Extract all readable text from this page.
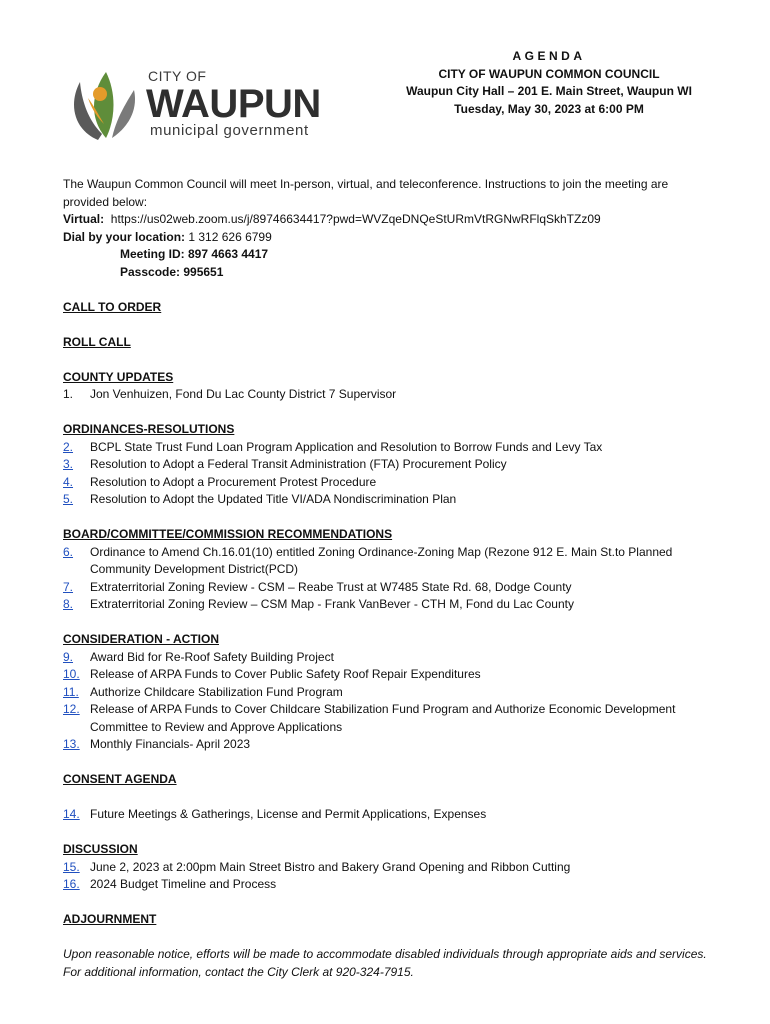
CITY OF
WAUPUN
municipal government
AGENDA
CITY OF WAUPUN COMMON COUNCIL
Waupun City Hall – 201 E. Main Street, Waupun WI
Tuesday, May 30, 2023 at 6:00 PM

The Waupun Common Council will meet In-person, virtual, and teleconference. Instructions to join the meeting are provided below:

Virtual: https://us02web.zoom.us/j/89746634417?pwd=WVZqeDNQeStURmVtRGNwRFlqSkhTZz09

Dial by your location: 1 312 626 6799

Meeting ID: 897 4663 4417

Passcode: 995651

CALL TO ORDER

ROLL CALL

COUNTY UPDATES

1.	Jon Venhuizen, Fond Du Lac County District 7 Supervisor

ORDINANCES-RESOLUTIONS

2.	BCPL State Trust Fund Loan Program Application and Resolution to Borrow Funds and Levy Tax
3.	Resolution to Adopt a Federal Transit Administration (FTA) Procurement Policy
4.	Resolution to Adopt a Procurement Protest Procedure
5.	Resolution to Adopt the Updated Title VI/ADA Nondiscrimination Plan

BOARD/COMMITTEE/COMMISSION RECOMMENDATIONS

6.	Ordinance to Amend Ch.16.01(10) entitled Zoning Ordinance-Zoning Map (Rezone 912 E. Main St.to Planned Community Development District(PCD)
7.	Extraterritorial Zoning Review - CSM – Reabe Trust at W7485 State Rd. 68, Dodge County
8.	Extraterritorial Zoning Review – CSM Map - Frank VanBever - CTH M, Fond du Lac County

CONSIDERATION - ACTION

9.	Award Bid for Re-Roof Safety Building Project
10. Release of ARPA Funds to Cover Public Safety Roof Repair Expenditures
11. Authorize Childcare Stabilization Fund Program
12. Release of ARPA Funds to Cover Childcare Stabilization Fund Program and Authorize Economic Development Committee to Review and Approve Applications
13. Monthly Financials- April 2023

CONSENT AGENDA

14. Future Meetings & Gatherings, License and Permit Applications, Expenses

DISCUSSION

15. June 2, 2023 at 2:00pm Main Street Bistro and Bakery Grand Opening and Ribbon Cutting
16. 2024 Budget Timeline and Process

ADJOURNMENT

Upon reasonable notice, efforts will be made to accommodate disabled individuals through appropriate aids and services. For additional information, contact the City Clerk at 920-324-7915.
